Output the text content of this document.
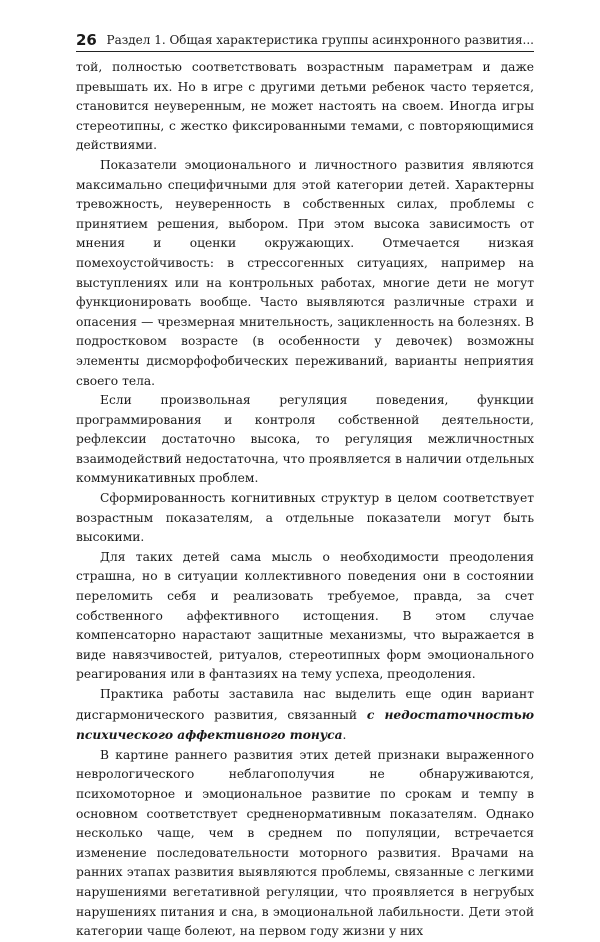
26 Раздел 1. Общая характеристика группы асинхронного развития...

той, полностью соответствовать возрастным параметрам и даже превышать их. Но в игре с другими детьми ребенок часто теряется, становится неуверенным, не может настоять на своем. Иногда игры стереотипны, с жестко фиксированными темами, с повторяющимися действиями.

Показатели эмоционального и личностного развития являются максимально специфичными для этой категории детей. Характерны тревожность, неуверенность в собственных силах, проблемы с принятием решения, выбором. При этом высока зависимость от мнения и оценки окружающих. Отмечается низкая помехоустойчивость: в стрессогенных ситуациях, например на выступлениях или на контрольных работах, многие дети не могут функционировать вообще. Часто выявляются различные страхи и опасения — чрезмерная мнительность, зацикленность на болезнях. В подростковом возрасте (в особенности у девочек) возможны элементы дисморфофобических переживаний, варианты неприятия своего тела.

Если произвольная регуляция поведения, функции программирования и контроля собственной деятельности, рефлексии достаточно высока, то регуляция межличностных взаимодействий недостаточна, что проявляется в наличии отдельных коммуникативных проблем.

Сформированность когнитивных структур в целом соответствует возрастным показателям, а отдельные показатели могут быть высокими.

Для таких детей сама мысль о необходимости преодоления страшна, но в ситуации коллективного поведения они в состоянии переломить себя и реализовать требуемое, правда, за счет собственного аффективного истощения. В этом случае компенсаторно нарастают защитные механизмы, что выражается в виде навязчивостей, ритуалов, стереотипных форм эмоционального реагирования или в фантазиях на тему успеха, преодоления.

Практика работы заставила нас выделить еще один вариант дисгармонического развития, связанный с недостаточностью психического аффективного тонуса.

В картине раннего развития этих детей признаки выраженного неврологического неблагополучия не обнаруживаются, психомоторное и эмоциональное развитие по срокам и темпу в основном соответствует средненормативным показателям. Однако несколько чаще, чем в среднем по популяции, встречается изменение последовательности моторного развития. Врачами на ранних этапах развития выявляются проблемы, связанные с легкими нарушениями вегетативной регуляции, что проявляется в негрубых нарушениях питания и сна, в эмоциональной лабильности. Дети этой категории чаще болеют, на первом году жизни у них
